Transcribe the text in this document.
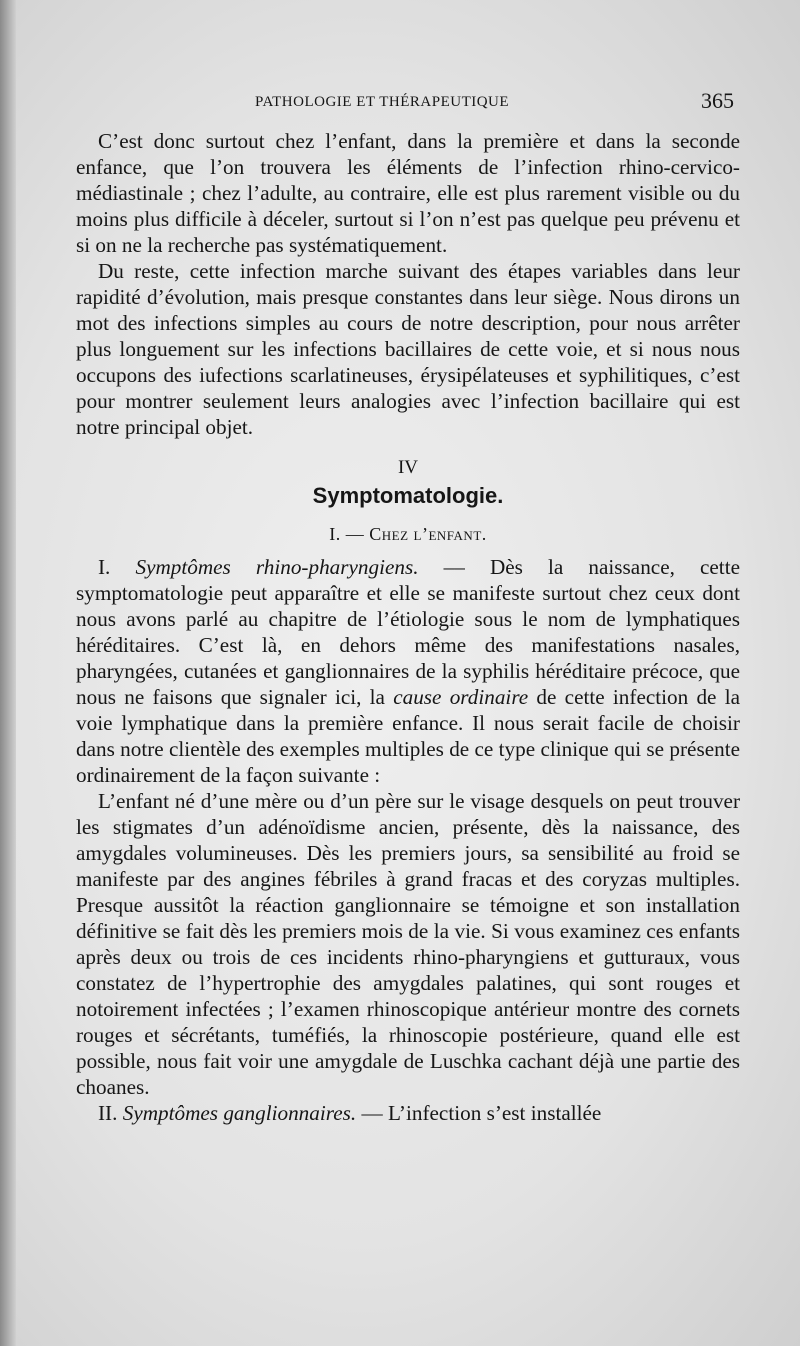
PATHOLOGIE ET THÉRAPEUTIQUE	365

C’est donc surtout chez l’enfant, dans la première et dans la seconde enfance, que l’on trouvera les éléments de l’infection rhino-cervico-médiastinale ; chez l’adulte, au contraire, elle est plus rarement visible ou du moins plus difficile à déceler, surtout si l’on n’est pas quelque peu prévenu et si on ne la recherche pas systématiquement.

Du reste, cette infection marche suivant des étapes variables dans leur rapidité d’évolution, mais presque constantes dans leur siège. Nous dirons un mot des infections simples au cours de notre description, pour nous arrêter plus longuement sur les infections bacillaires de cette voie, et si nous nous occupons des iufections scarlatineuses, érysipélateuses et syphilitiques, c’est pour montrer seulement leurs analogies avec l’infection bacillaire qui est notre principal objet.

IV
Symptomatologie.
I. — Chez l’enfant.

I. Symptômes rhino-pharyngiens. –– Dès la naissance, cette symptomatologie peut apparaître et elle se manifeste surtout chez ceux dont nous avons parlé au chapitre de l’étiologie sous le nom de lymphatiques héréditaires. C’est là, en dehors même des manifestations nasales, pharyngées, cutanées et ganglionnaires de la syphilis héréditaire précoce, que nous ne faisons que signaler ici, la cause ordinaire de cette infection de la voie lymphatique dans la première enfance. Il nous serait facile de choisir dans notre clientèle des exemples multiples de ce type clinique qui se présente ordinairement de la façon suivante :

L’enfant né d’une mère ou d’un père sur le visage desquels on peut trouver les stigmates d’un adénoïdisme ancien, présente, dès la naissance, des amygdales volumineuses. Dès les premiers jours, sa sensibilité au froid se manifeste par des angines fébriles à grand fracas et des coryzas multiples. Presque aussitôt la réaction ganglionnaire se témoigne et son installation définitive se fait dès les premiers mois de la vie. Si vous examinez ces enfants après deux ou trois de ces incidents rhino-pharyngiens et gutturaux, vous constatez de l’hypertrophie des amygdales palatines, qui sont rouges et notoirement infectées ; l’examen rhinoscopique antérieur montre des cornets rouges et sécrétants, tuméfiés, la rhinoscopie postérieure, quand elle est possible, nous fait voir une amygdale de Luschka cachant déjà une partie des choanes.

II. Symptômes ganglionnaires. — L’infection s’est installée
